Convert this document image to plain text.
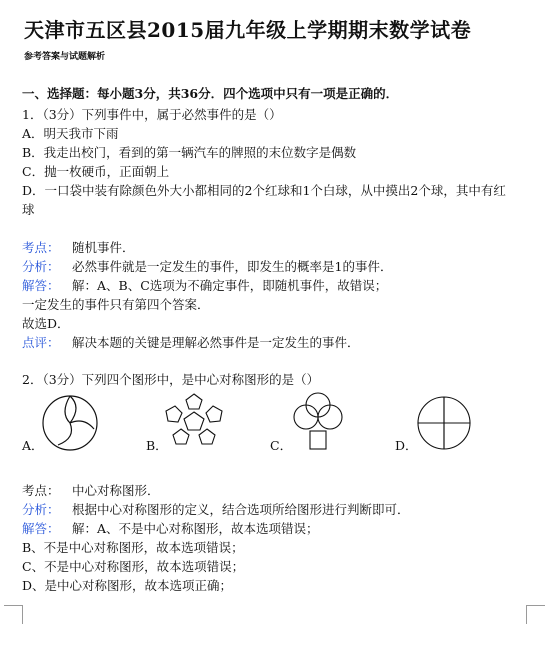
天津市五区县2015届九年级上学期期末数学试卷
参考答案与试题解析
一、选择题：每小题3分，共36分．四个选项中只有一项是正确的．
1．（3分）下列事件中，属于必然事件的是（）
A．明天我市下雨
B．我走出校门，看到的第一辆汽车的牌照的末位数字是偶数
C．抛一枚硬币，正面朝上
D．一口袋中装有除颜色外大小都相同的2个红球和1个白球，从中摸出2个球，其中有红
球
考点： 随机事件．
分析： 必然事件就是一定发生的事件，即发生的概率是1的事件．
解答： 解：A、B、C选项为不确定事件，即随机事件，故错误；
一定发生的事件只有第四个答案．
故选D．
点评： 解决本题的关键是理解必然事件是一定发生的事件．
2．（3分）下列四个图形中，是中心对称图形的是（）
A．	B．	C．	D．
考点： 中心对称图形．
分析： 根据中心对称图形的定义，结合选项所给图形进行判断即可．
解答： 解：A、不是中心对称图形，故本选项错误；
B、不是中心对称图形，故本选项错误；
C、不是中心对称图形，故本选项错误；
D、是中心对称图形，故本选项正确；
